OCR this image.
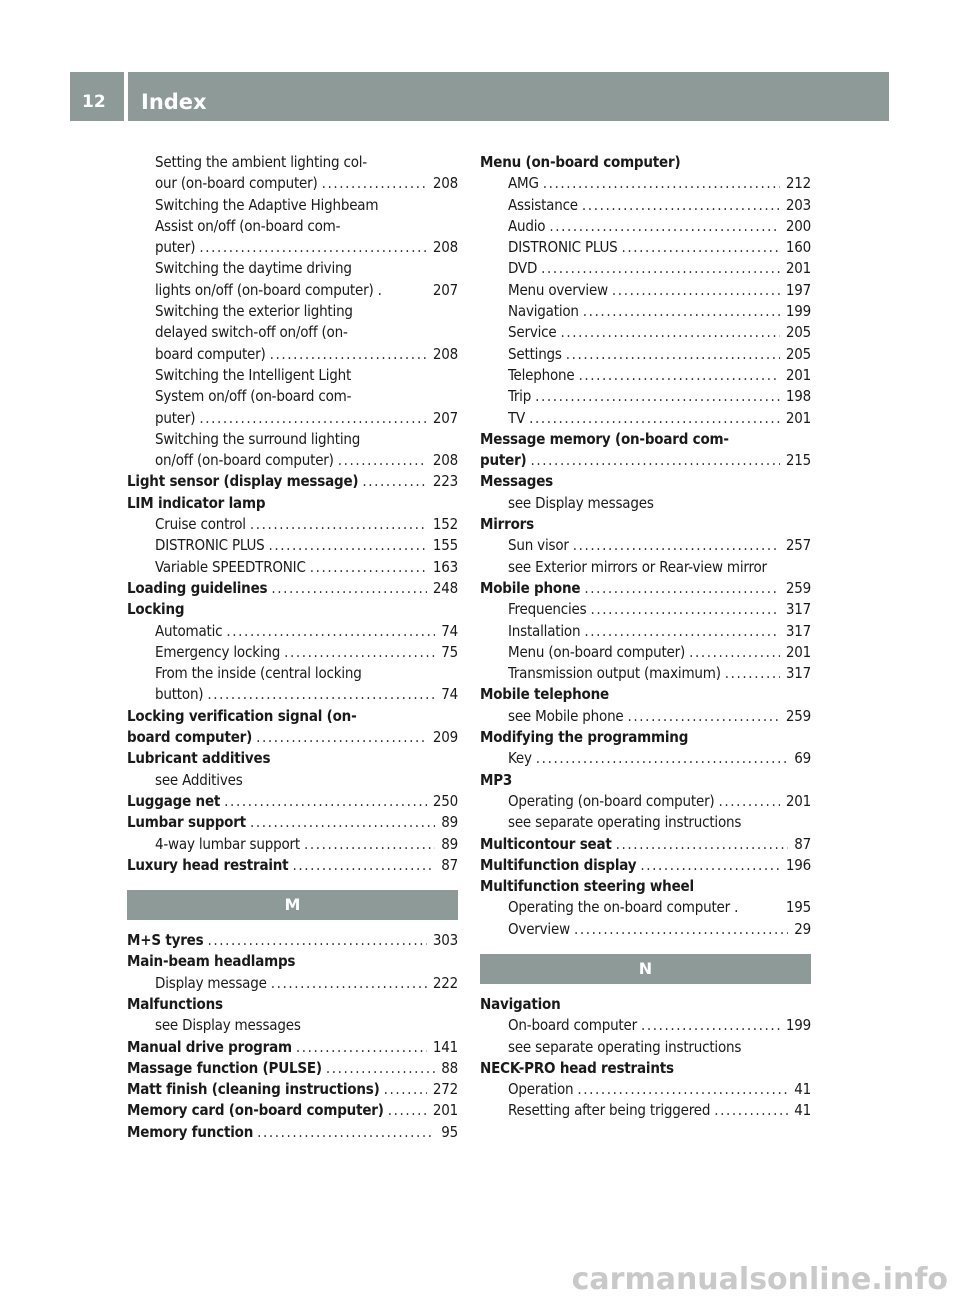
12 Index
Setting the ambient lighting col-
our (on-board computer) .....	208
Switching the Adaptive Highbeam
Assist on/off (on-board com-
puter) .....	208
Switching the daytime driving
lights on/off (on-board computer) .	207
Switching the exterior lighting
delayed switch-off on/off (on-
board computer) .....	208
Switching the Intelligent Light
System on/off (on-board com-
puter) .....	207
Switching the surround lighting
on/off (on-board computer) .....	208
Light sensor (display message) .....	223
LIM indicator lamp
Cruise control .....	152
DISTRONIC PLUS .....	155
Variable SPEEDTRONIC .....	163
Loading guidelines .....	248
Locking
Automatic .....	74
Emergency locking .....	75
From the inside (central locking
button) .....	74
Locking verification signal (on-
board computer) .....	209
Lubricant additives
see Additives
Luggage net .....	250
Lumbar support .....	89
4-way lumbar support .....	89
Luxury head restraint .....	87
M
M+S tyres .....	303
Main-beam headlamps
Display message .....	222
Malfunctions
see Display messages
Manual drive program .....	141
Massage function (PULSE) .....	88
Matt finish (cleaning instructions) .....	272
Memory card (on-board computer) .....	201
Memory function .....	95
Menu (on-board computer)
AMG .....	212
Assistance .....	203
Audio .....	200
DISTRONIC PLUS .....	160
DVD .....	201
Menu overview .....	197
Navigation .....	199
Service .....	205
Settings .....	205
Telephone .....	201
Trip .....	198
TV .....	201
Message memory (on-board com-
puter) .....	215
Messages
see Display messages
Mirrors
Sun visor .....	257
see Exterior mirrors or Rear-view mirror
Mobile phone .....	259
Frequencies .....	317
Installation .....	317
Menu (on-board computer) .....	201
Transmission output (maximum) .....	317
Mobile telephone
see Mobile phone .....	259
Modifying the programming
Key .....	69
MP3
Operating (on-board computer) .....	201
see separate operating instructions
Multicontour seat .....	87
Multifunction display .....	196
Multifunction steering wheel
Operating the on-board computer .	195
Overview .....	29
N
Navigation
On-board computer .....	199
see separate operating instructions
NECK-PRO head restraints
Operation .....	41
Resetting after being triggered .....	41
carmanualsonline.info
